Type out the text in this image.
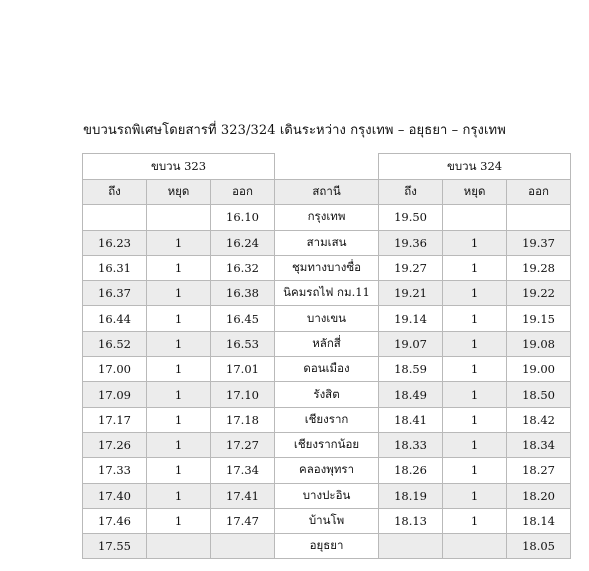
ขบวนรถพิเศษโดยสารที่ 323/324 เดินระหว่าง กรุงเทพ – อยุธยา – กรุงเทพ
ขบวน 323				ขบวน 324		
ถึง	หยุด	ออก	สถานี	ถึง	หยุด	ออก
		16.10	กรุงเทพ	19.50		
16.23	1	16.24	สามเสน	19.36	1	19.37
16.31	1	16.32	ชุมทางบางซื่อ	19.27	1	19.28
16.37	1	16.38	นิคมรถไฟ กม.11	19.21	1	19.22
16.44	1	16.45	บางเขน	19.14	1	19.15
16.52	1	16.53	หลักสี่	19.07	1	19.08
17.00	1	17.01	ดอนเมือง	18.59	1	19.00
17.09	1	17.10	รังสิต	18.49	1	18.50
17.17	1	17.18	เชียงราก	18.41	1	18.42
17.26	1	17.27	เชียงรากน้อย	18.33	1	18.34
17.33	1	17.34	คลองพุทรา	18.26	1	18.27
17.40	1	17.41	บางปะอิน	18.19	1	18.20
17.46	1	17.47	บ้านโพ	18.13	1	18.14
17.55			อยุธยา			18.05
